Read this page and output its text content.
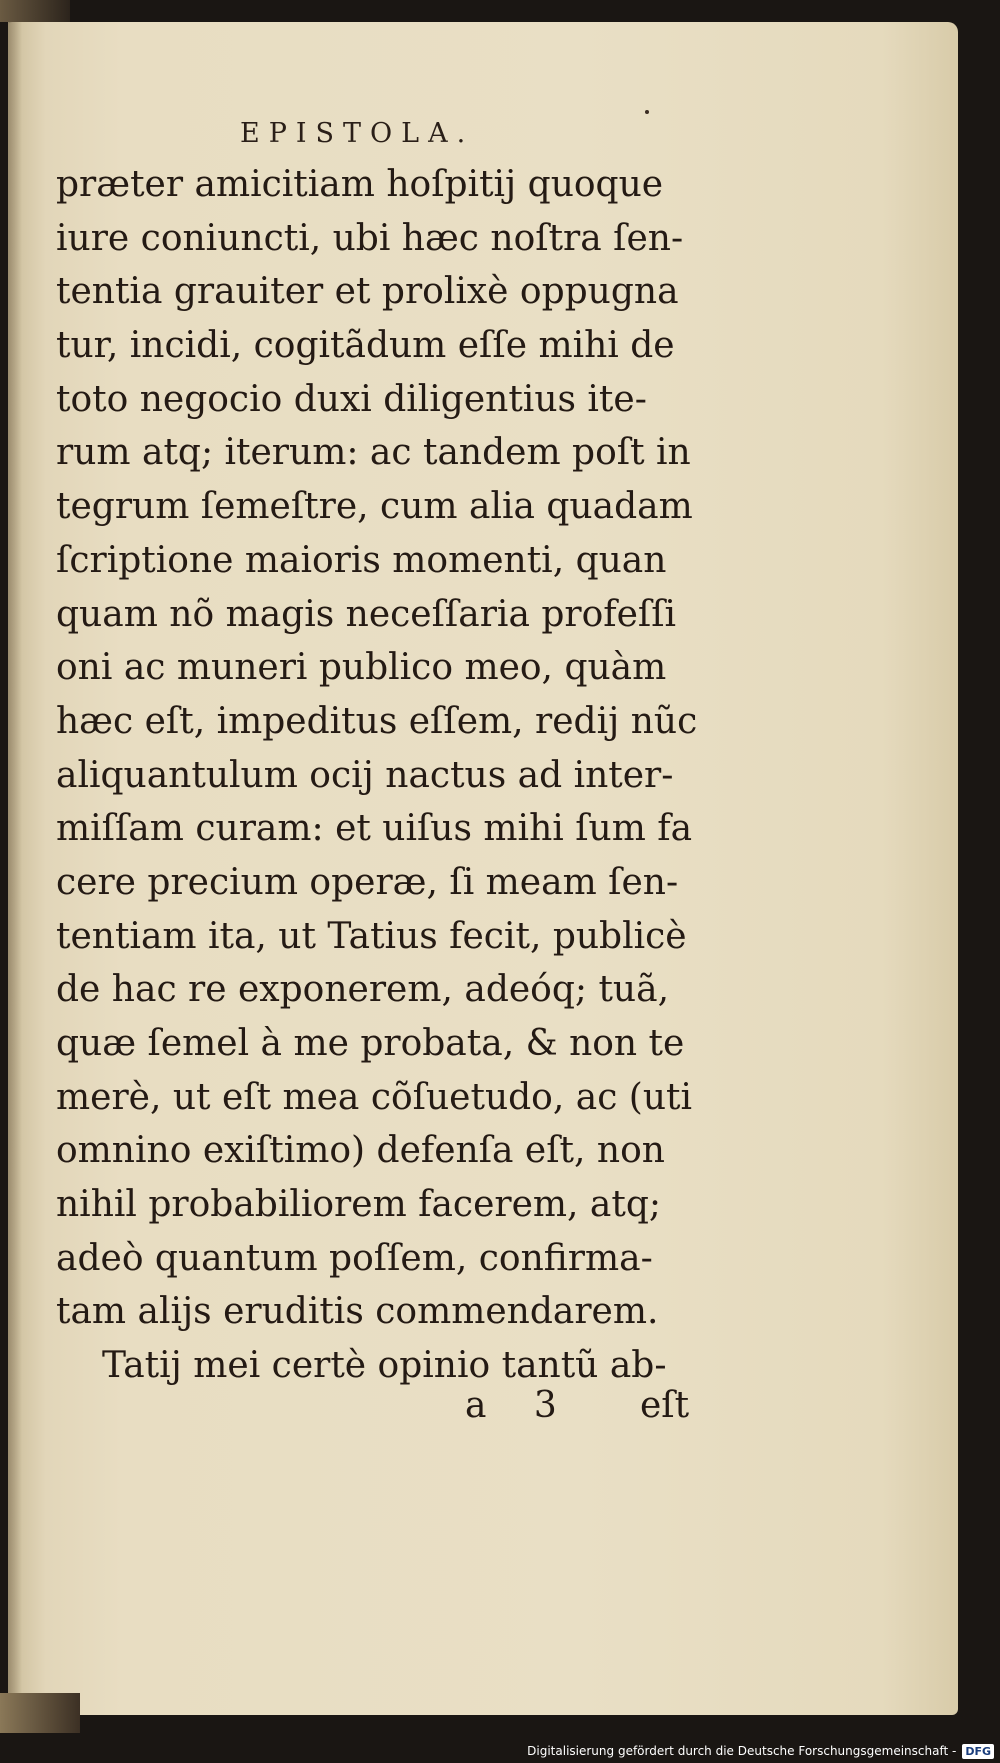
EPISTOLA.
præter amicitiam hoſpitij quoque
iure coniuncti, ubi hæc noſtra ſen-
tentia grauiter et prolixè oppugna
tur, incidi, cogitãdum eſſe mihi de
toto negocio duxi diligentius ite-
rum atq; iterum: ac tandem poſt in
tegrum ſemeſtre, cum alia quadam
ſcriptione maioris momenti, quan
quam nõ magis neceſſaria profeſſi
oni ac muneri publico meo, quàm
hæc eſt, impeditus eſſem, redij nũc
aliquantulum ocij nactus ad inter-
miſſam curam: et uiſus mihi ſum fa
cere precium operæ, ſi meam ſen-
tentiam ita, ut Tatius fecit, publicè
de hac re exponerem, adeóq; tuã,
quæ ſemel à me probata, & non te
merè, ut eſt mea cõſuetudo, ac (uti
omnino exiſtimo) defenſa eſt, non
nihil probabiliorem facerem, atq;
adeò quantum poſſem, confirma-
tam alijs eruditis commendarem.
Tatij mei certè opinio tantũ ab-
a 3 eſt
Digitalisierung gefördert durch die Deutsche Forschungsgemeinschaft - DFG
